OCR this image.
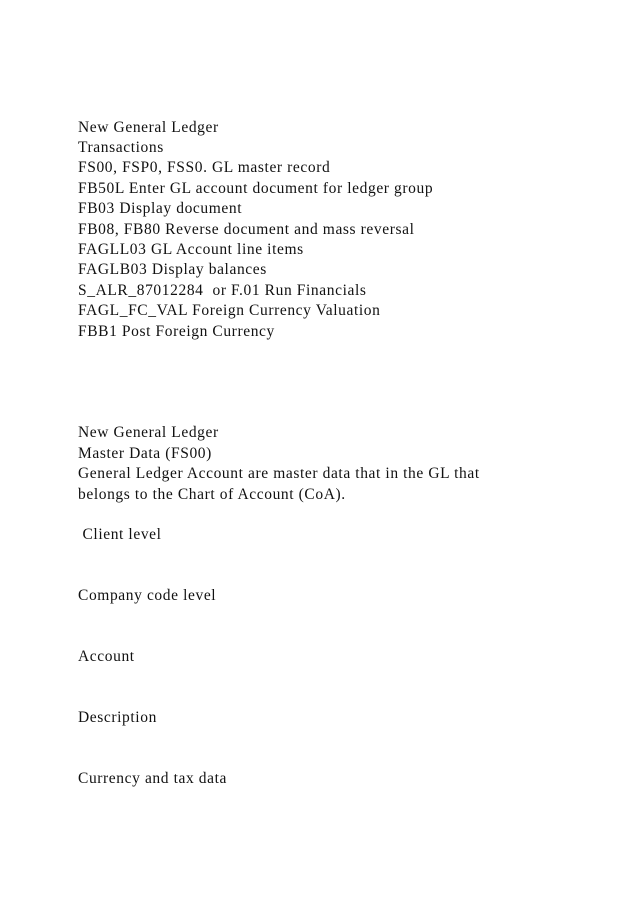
New General Ledger

Transactions

FS00, FSP0, FSS0. GL master record

FB50L Enter GL account document for ledger group

FB03 Display document

FB08, FB80 Reverse document and mass reversal

FAGLL03 GL Account line items

FAGLB03 Display balances

S_ALR_87012284  or F.01 Run Financials

FAGL_FC_VAL Foreign Currency Valuation

FBB1 Post Foreign Currency

New General Ledger

Master Data (FS00)

General Ledger Account are master data that in the GL that

belongs to the Chart of Account (CoA).

Client level

Company code level

Account

Description

Currency and tax data
